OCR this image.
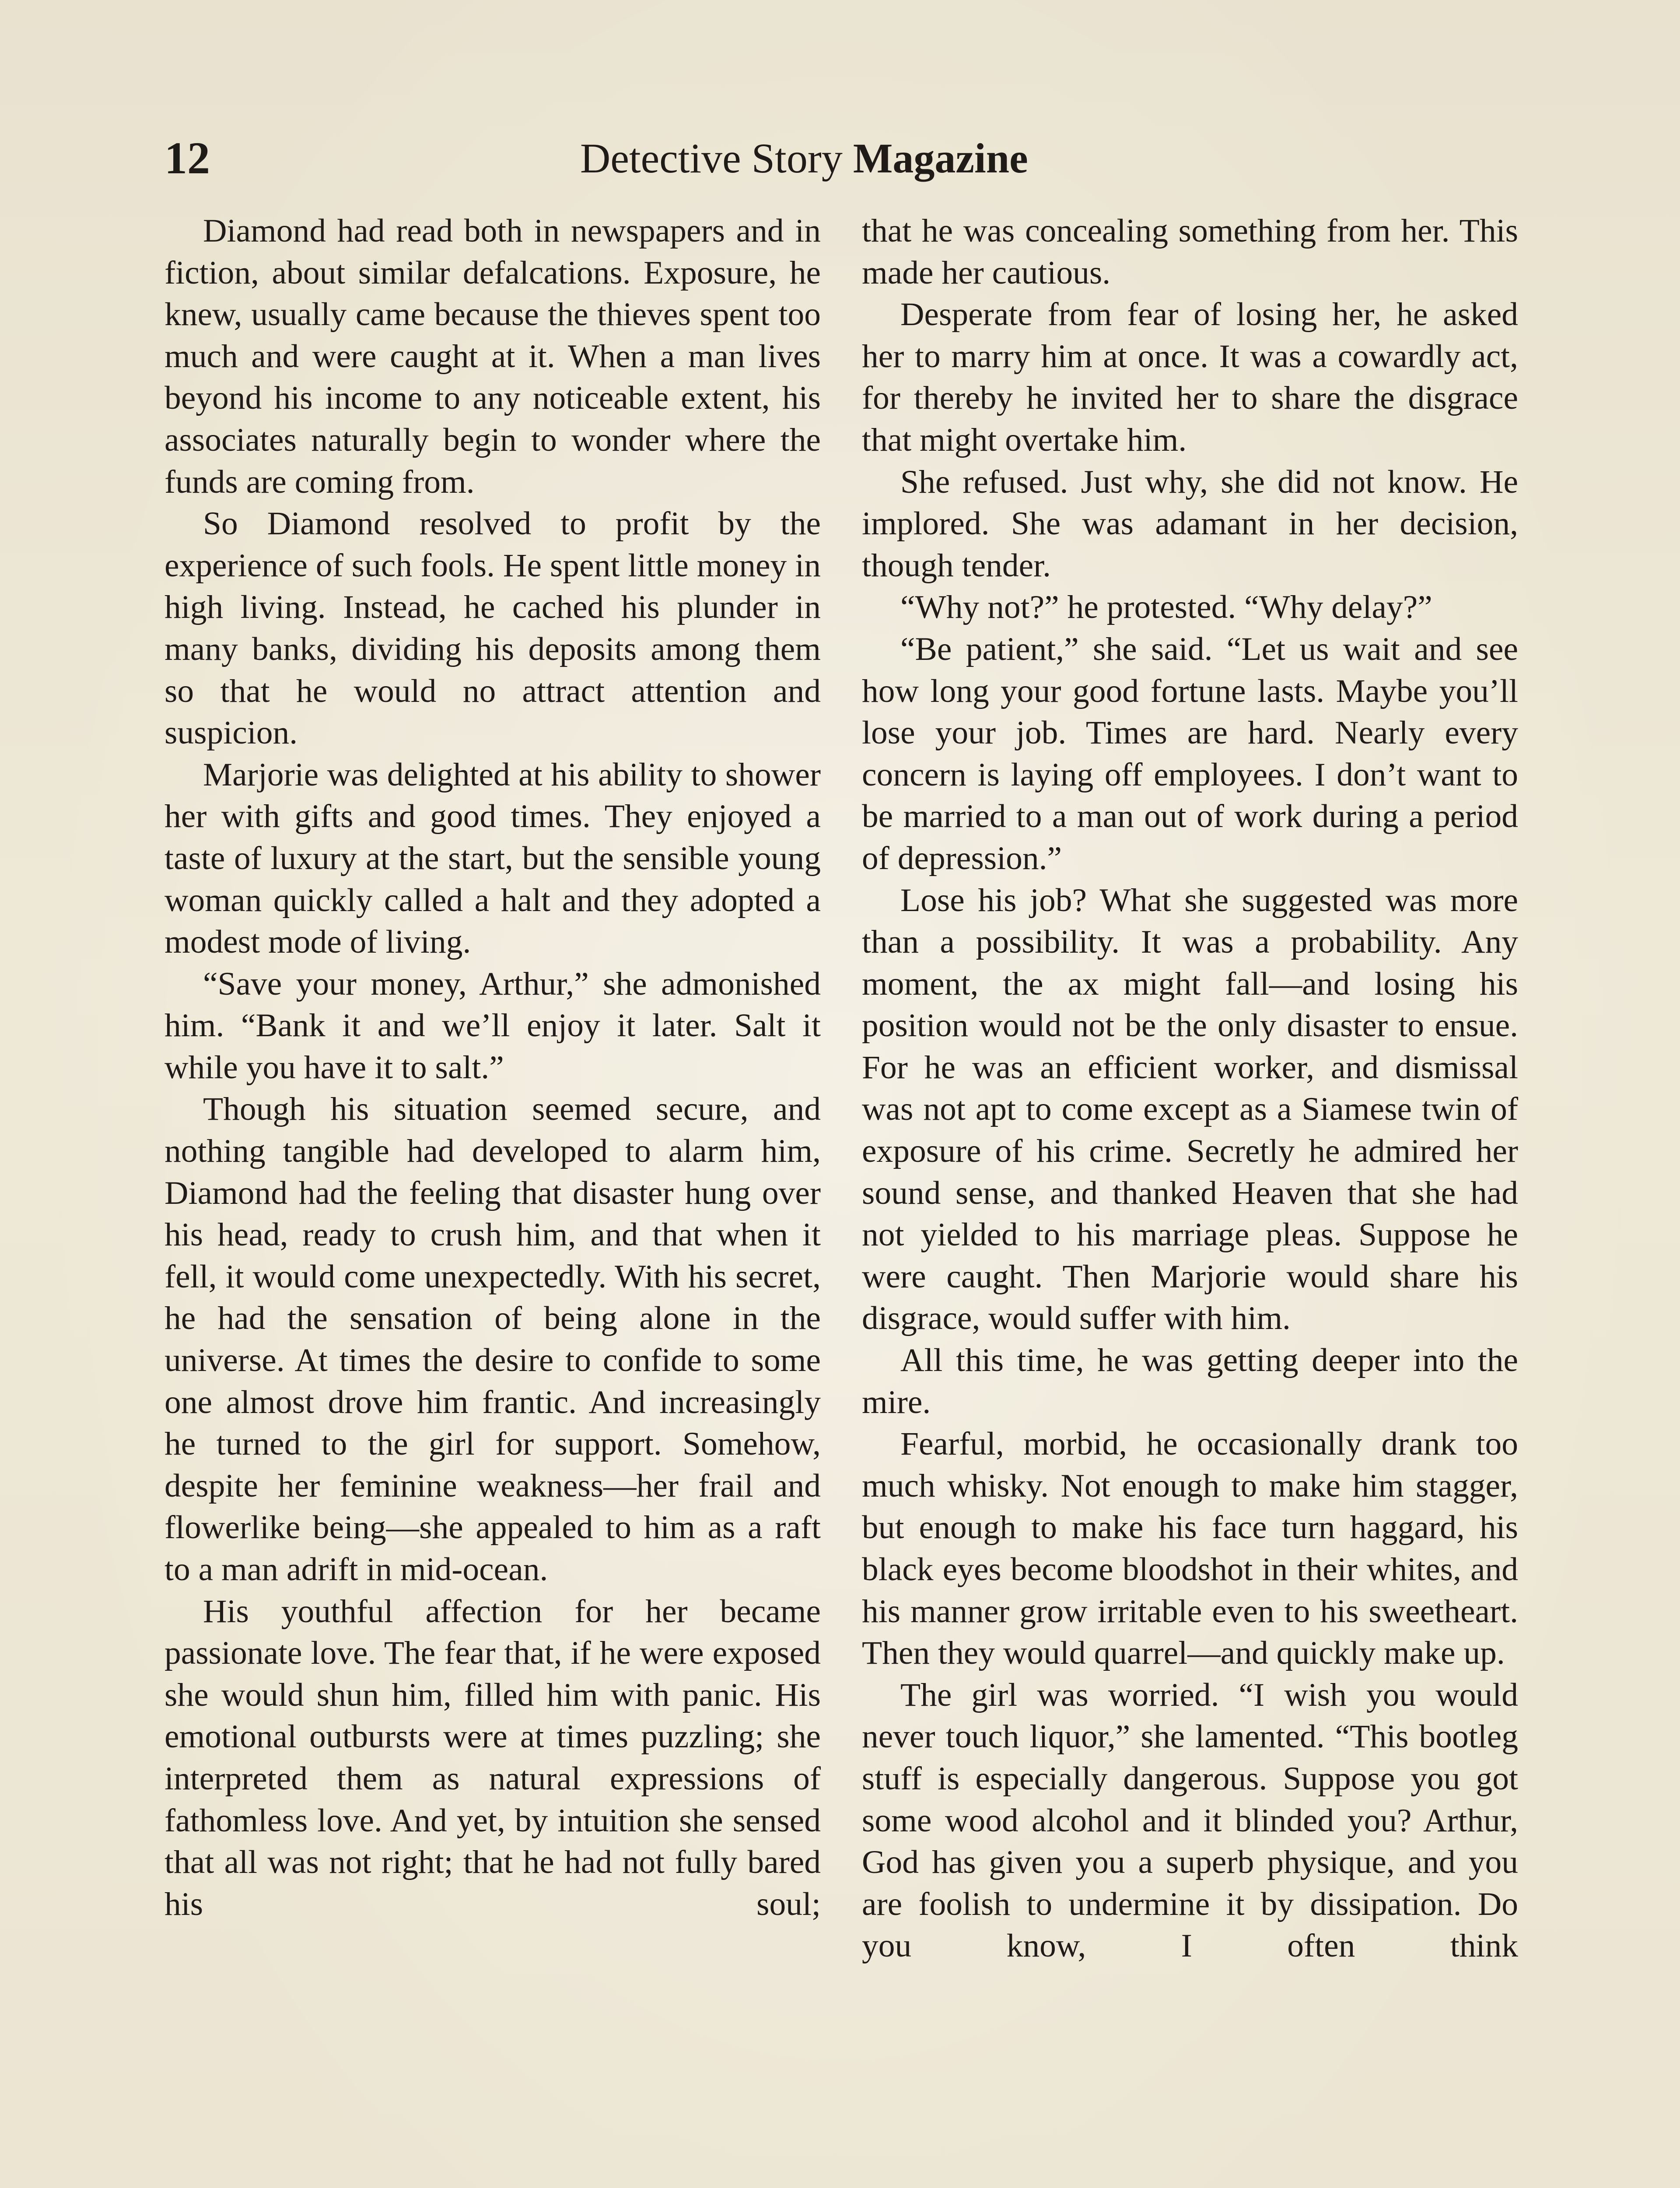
12	Detective Story Magazine

Diamond had read both in newspapers and in fiction, about similar defalcations. Exposure, he knew, usually came because the thieves spent too much and were caught at it. When a man lives beyond his income to any noticeable extent, his associates naturally begin to wonder where the funds are coming from.

So Diamond resolved to profit by the experience of such fools. He spent little money in high living. Instead, he cached his plunder in many banks, dividing his deposits among them so that he would no attract attention and suspicion.

Marjorie was delighted at his ability to shower her with gifts and good times. They enjoyed a taste of luxury at the start, but the sensible young woman quickly called a halt and they adopted a modest mode of living.

“Save your money, Arthur,” she admonished him. “Bank it and we’ll enjoy it later. Salt it while you have it to salt.”

Though his situation seemed secure, and nothing tangible had developed to alarm him, Diamond had the feeling that disaster hung over his head, ready to crush him, and that when it fell, it would come unexpectedly. With his secret, he had the sensation of being alone in the universe. At times the desire to confide to some one almost drove him frantic. And increasingly he turned to the girl for support. Somehow, despite her feminine weakness—her frail and flowerlike being—she appealed to him as a raft to a man adrift in mid-ocean.

His youthful affection for her became passionate love. The fear that, if he were exposed she would shun him, filled him with panic. His emotional outbursts were at times puzzling; she interpreted them as natural expressions of fathomless love. And yet, by intuition she sensed that all was not right; that he had not fully bared his soul;

that he was concealing something from her. This made her cautious.

Desperate from fear of losing her, he asked her to marry him at once. It was a cowardly act, for thereby he invited her to share the disgrace that might overtake him.

She refused. Just why, she did not know. He implored. She was adamant in her decision, though tender.

“Why not?” he protested. “Why delay?”

“Be patient,” she said. “Let us wait and see how long your good fortune lasts. Maybe you’ll lose your job. Times are hard. Nearly every concern is laying off employees. I don’t want to be married to a man out of work during a period of depression.”

Lose his job? What she suggested was more than a possibility. It was a probability. Any moment, the ax might fall—and losing his position would not be the only disaster to ensue. For he was an efficient worker, and dismissal was not apt to come except as a Siamese twin of exposure of his crime. Secretly he admired her sound sense, and thanked Heaven that she had not yielded to his marriage pleas. Suppose he were caught. Then Marjorie would share his disgrace, would suffer with him.

All this time, he was getting deeper into the mire.

Fearful, morbid, he occasionally drank too much whisky. Not enough to make him stagger, but enough to make his face turn haggard, his black eyes become bloodshot in their whites, and his manner grow irritable even to his sweetheart. Then they would quarrel—and quickly make up.

The girl was worried. “I wish you would never touch liquor,” she lamented. “This bootleg stuff is especially dangerous. Suppose you got some wood alcohol and it blinded you? Arthur, God has given you a superb physique, and you are foolish to undermine it by dissipation. Do you know, I often think
